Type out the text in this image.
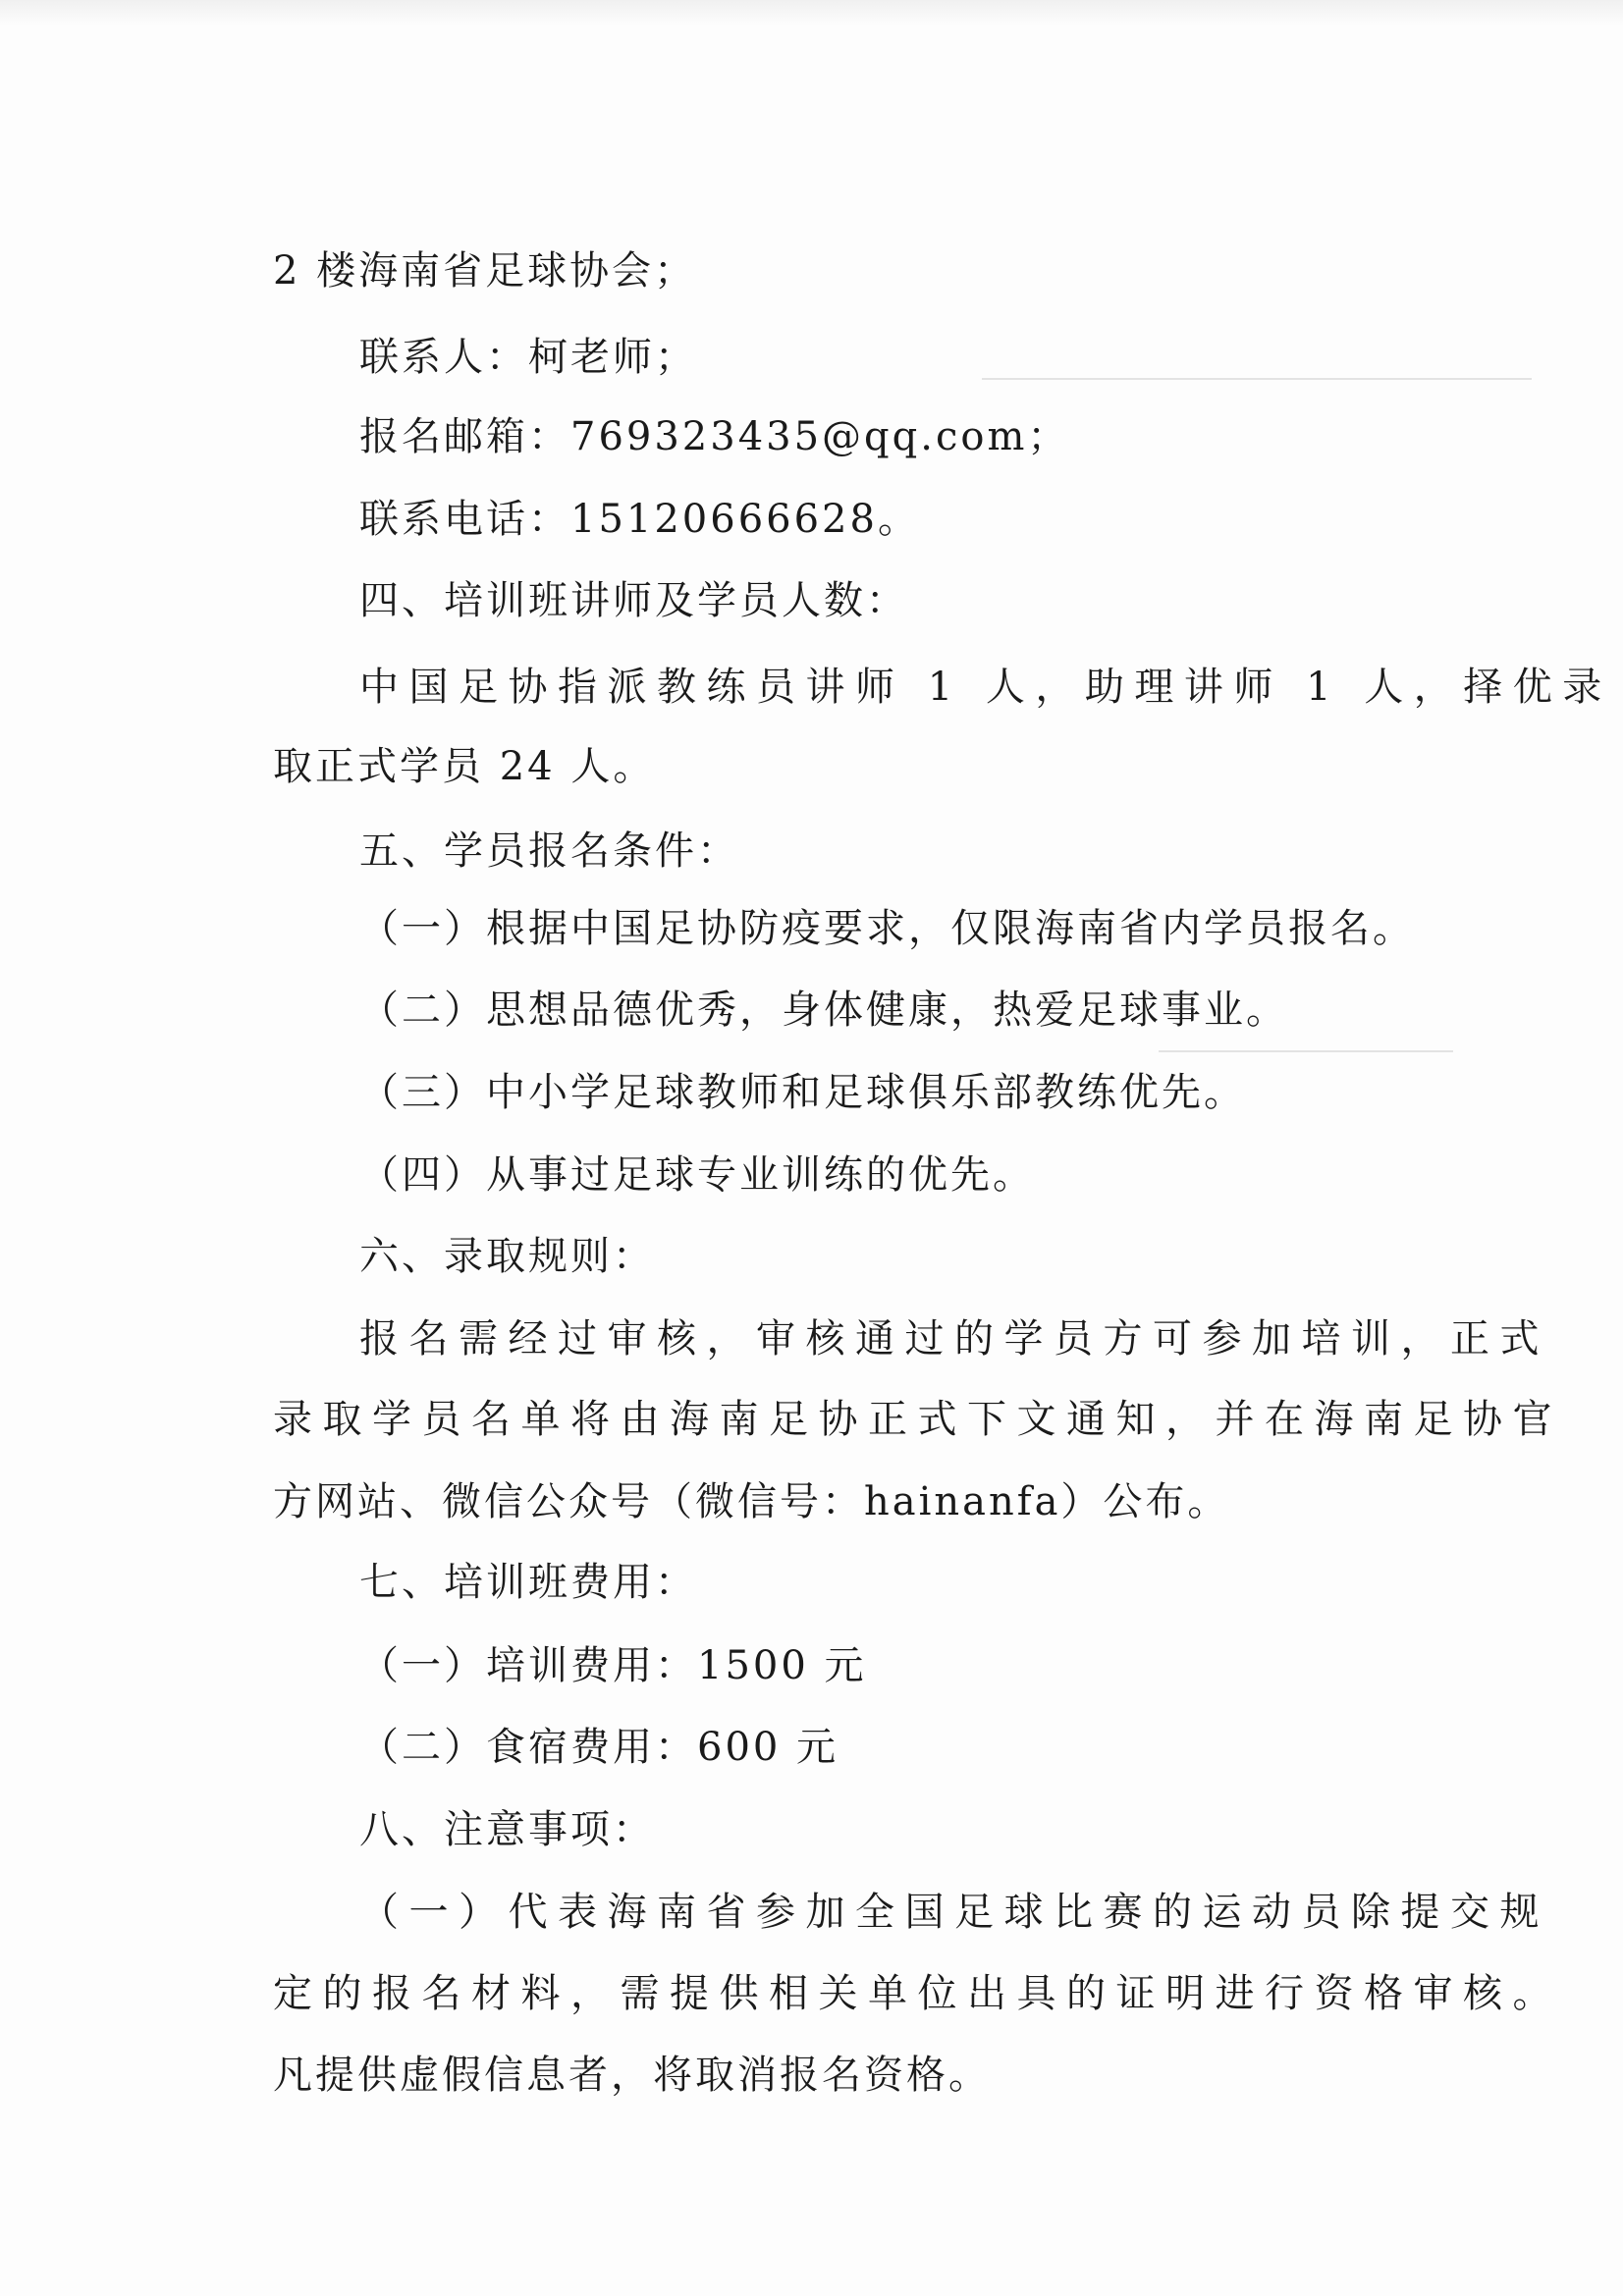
2 楼海南省足球协会；
联系人：柯老师；
报名邮箱：769323435@qq.com；
联系电话：15120666628。
四、培训班讲师及学员人数：
中国足协指派教练员讲师 1 人，助理讲师 1 人，择优录
取正式学员 24 人。
五、学员报名条件：
（一）根据中国足协防疫要求，仅限海南省内学员报名。
（二）思想品德优秀，身体健康，热爱足球事业。
（三）中小学足球教师和足球俱乐部教练优先。
（四）从事过足球专业训练的优先。
六、录取规则：
报名需经过审核，审核通过的学员方可参加培训，正式
录取学员名单将由海南足协正式下文通知，并在海南足协官
方网站、微信公众号（微信号：hainanfa）公布。
七、培训班费用：
（一）培训费用：1500 元
（二）食宿费用：600 元
八、注意事项：
（一）代表海南省参加全国足球比赛的运动员除提交规
定的报名材料，需提供相关单位出具的证明进行资格审核。
凡提供虚假信息者，将取消报名资格。
